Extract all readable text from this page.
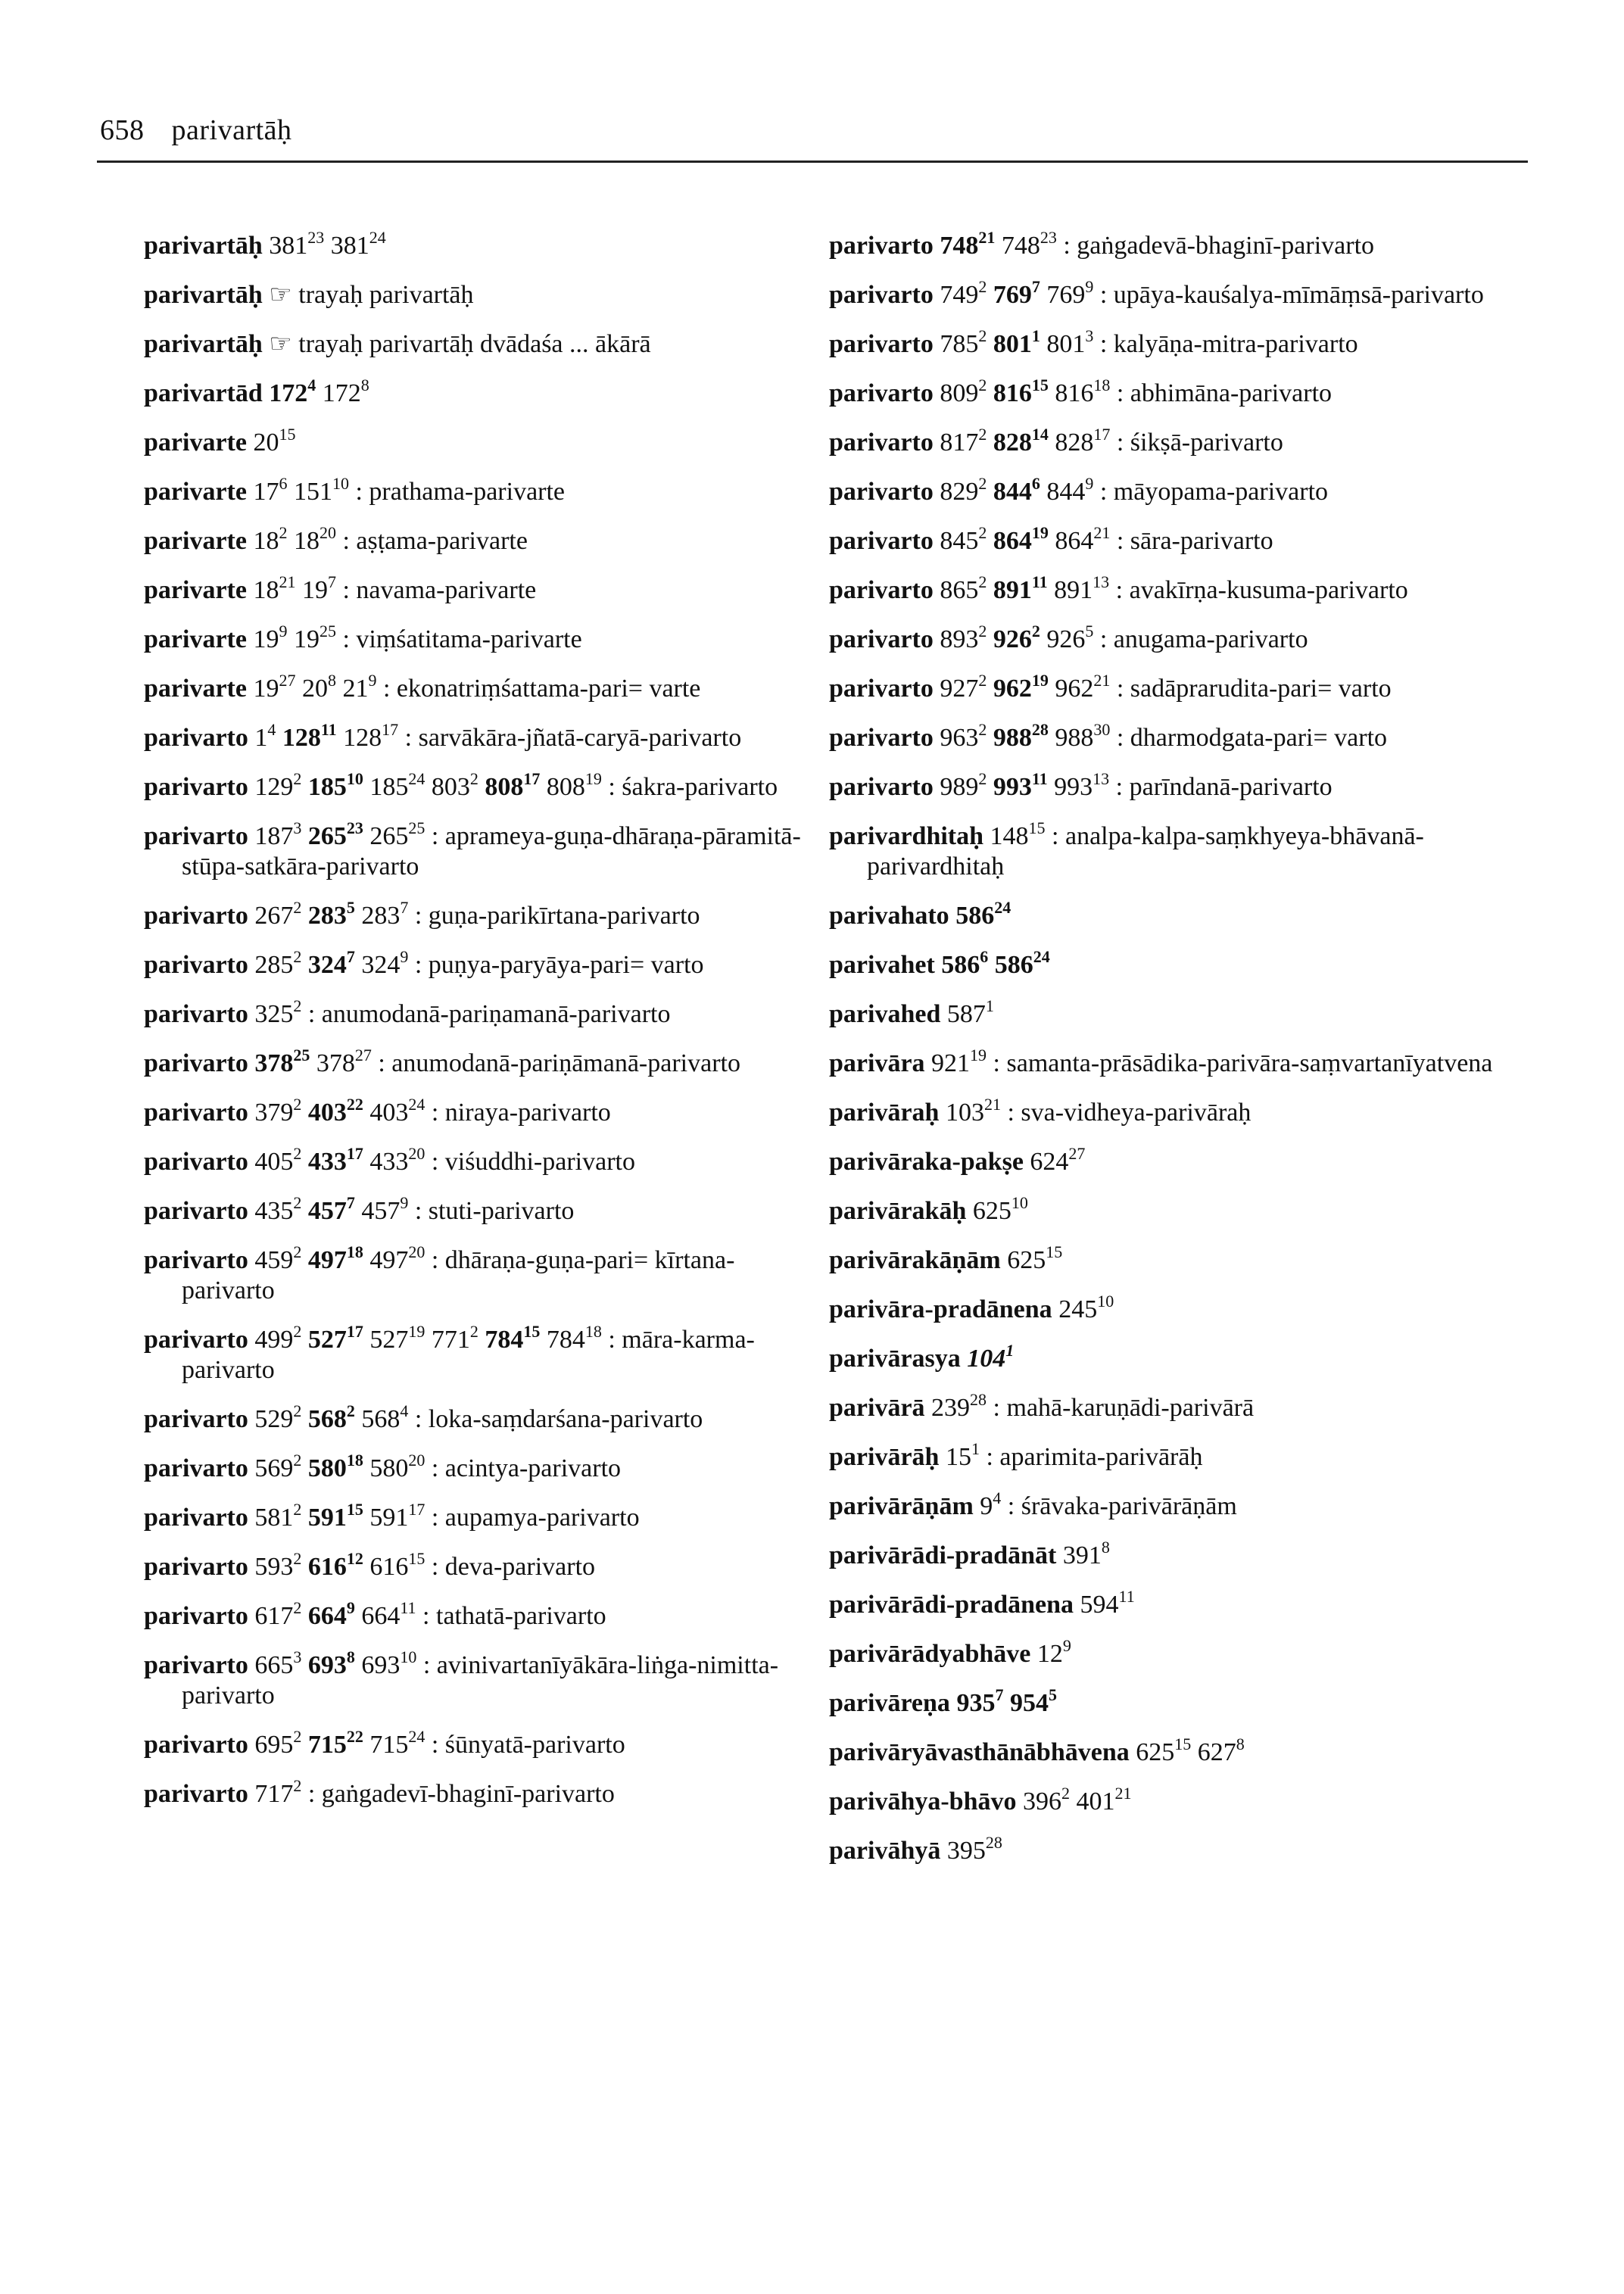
658 parivartāḥ
parivartāḥ $381^{23}$ $381^{24}$
parivartāḥ ☞ trayaḥ parivartāḥ
parivartāḥ ☞ trayaḥ parivartāḥ dvādaśa ... ākārā
parivartād $172^4$ $172^8$
parivarte $20^{15}$
parivarte $17^6$ $151^{10}$ : prathama-parivarte
parivarte $18^2$ $18^{20}$ : aṣṭama-parivarte
parivarte $18^{21}$ $19^7$ : navama-parivarte
parivarte $19^9$ $19^{25}$ : viṃśatitama-parivarte
parivarte $19^{27}$ $20^8$ $21^9$ : ekonatriṃśattama-pari= varte
parivarto $1^4$ $128^{11}$ $128^{17}$ : sarvākāra-jñatā-caryā-parivarto
parivarto $129^2$ $185^{10}$ $185^{24}$ $803^2$ $808^{17}$ $808^{19}$ : śakra-parivarto
parivarto $187^3$ $265^{23}$ $265^{25}$ : aprameya-guṇa-dhāraṇa-pāramitā-stūpa-satkāra-parivarto
parivarto $267^2$ $283^5$ $283^7$ : guṇa-parikīrtana-parivarto
parivarto $285^2$ $324^7$ $324^9$ : puṇya-paryāya-pari= varto
parivarto $325^2$ : anumodanā-pariṇamanā-parivarto
parivarto $378^{25}$ $378^{27}$ : anumodanā-pariṇāmanā-parivarto
parivarto $379^2$ $403^{22}$ $403^{24}$ : niraya-parivarto
parivarto $405^2$ $433^{17}$ $433^{20}$ : viśuddhi-parivarto
parivarto $435^2$ $457^7$ $457^9$ : stuti-parivarto
parivarto $459^2$ $497^{18}$ $497^{20}$ : dhāraṇa-guṇa-pari= kīrtana-parivarto
parivarto $499^2$ $527^{17}$ $527^{19}$ $771^2$ $784^{15}$ $784^{18}$ : māra-karma-parivarto
parivarto $529^2$ $568^2$ $568^4$ : loka-saṃdarśana-parivarto
parivarto $569^2$ $580^{18}$ $580^{20}$ : acintya-parivarto
parivarto $581^2$ $591^{15}$ $591^{17}$ : aupamya-parivarto
parivarto $593^2$ $616^{12}$ $616^{15}$ : deva-parivarto
parivarto $617^2$ $664^9$ $664^{11}$ : tathatā-parivarto
parivarto $665^3$ $693^8$ $693^{10}$ : avinivartanīyākāra-liṅga-nimitta-parivarto
parivarto $695^2$ $715^{22}$ $715^{24}$ : śūnyatā-parivarto
parivarto $717^2$ : gaṅgadevī-bhaginī-parivarto
parivarto $748^{21}$ $748^{23}$ : gaṅgadevā-bhaginī-parivarto
parivarto $749^2$ $769^7$ $769^9$ : upāya-kauśalya-mīmāṃsā-parivarto
parivarto $785^2$ $801^1$ $801^3$ : kalyāṇa-mitra-parivarto
parivarto $809^2$ $816^{15}$ $816^{18}$ : abhimāna-parivarto
parivarto $817^2$ $828^{14}$ $828^{17}$ : śikṣā-parivarto
parivarto $829^2$ $844^6$ $844^9$ : māyopama-parivarto
parivarto $845^2$ $864^{19}$ $864^{21}$ : sāra-parivarto
parivarto $865^2$ $891^{11}$ $891^{13}$ : avakīrṇa-kusuma-parivarto
parivarto $893^2$ $926^2$ $926^5$ : anugama-parivarto
parivarto $927^2$ $962^{19}$ $962^{21}$ : sadāprarudita-pari= varto
parivarto $963^2$ $988^{28}$ $988^{30}$ : dharmodgata-pari= varto
parivarto $989^2$ $993^{11}$ $993^{13}$ : parīndanā-parivarto
parivardhitaḥ $148^{15}$ : analpa-kalpa-saṃkhyeya-bhāvanā-parivardhitaḥ
parivahato $586^{24}$
parivahet $586^6$ $586^{24}$
parivahed $587^1$
parivāra $921^{19}$ : samanta-prāsādika-parivāra-saṃvartanīyatvena
parivāraḥ $103^{21}$ : sva-vidheya-parivāraḥ
parivāraka-pakṣe $624^{27}$
parivārakāḥ $625^{10}$
parivārakāṇām $625^{15}$
parivāra-pradānena $245^{10}$
parivārasya $104^1$
parivārā $239^{28}$ : mahā-karuṇādi-parivārā
parivārāḥ $15^1$ : aparimita-parivārāḥ
parivārāṇām $9^4$ : śrāvaka-parivārāṇām
parivārādi-pradānāt $391^8$
parivārādi-pradānena $594^{11}$
parivārādyabhāve $12^9$
parivāreṇa $935^7$ $954^5$
parivāryāvasthānābhāvena $625^{15}$ $627^8$
parivāhya-bhāvo $396^2$ $401^{21}$
parivāhyā $395^{28}$
